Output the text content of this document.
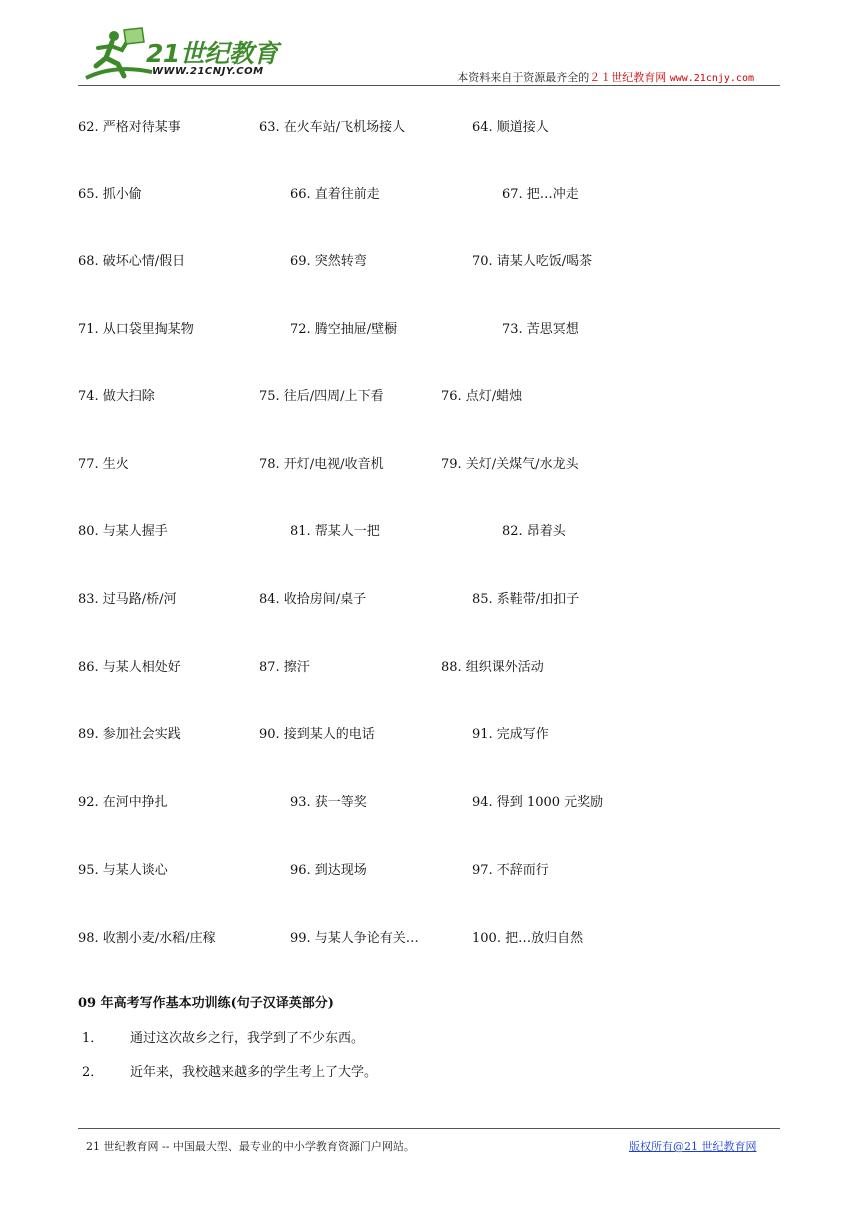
21世纪教育
WWW.21CNJY.COM	本资料来自于资源最齐全的２１世纪教育网 www.21cnjy.com
62. 严格对待某事	63. 在火车站/飞机场接人	64. 顺道接人
65. 抓小偷	66. 直着往前走	67. 把…冲走
68. 破坏心情/假日	69. 突然转弯	70. 请某人吃饭/喝茶
71. 从口袋里掏某物	72. 腾空抽屉/壁橱	73. 苦思冥想
74. 做大扫除	75. 往后/四周/上下看	76. 点灯/蜡烛
77. 生火	78. 开灯/电视/收音机	79. 关灯/关煤气/水龙头
80. 与某人握手	81. 帮某人一把	82. 昂着头
83. 过马路/桥/河	84. 收拾房间/桌子	85. 系鞋带/扣扣子
86. 与某人相处好	87. 擦汗	88. 组织课外活动
89. 参加社会实践	90. 接到某人的电话	91. 完成写作
92. 在河中挣扎	93. 获一等奖	94. 得到 1000 元奖励
95. 与某人谈心	96. 到达现场	97. 不辞而行
98. 收割小麦/水稻/庄稼	99. 与某人争论有关…	100. 把…放归自然
09 年高考写作基本功训练(句子汉译英部分)
1． 通过这次故乡之行，我学到了不少东西。
2． 近年来，我校越来越多的学生考上了大学。
21 世纪教育网 -- 中国最大型、最专业的中小学教育资源门户网站。	版权所有@21 世纪教育网
